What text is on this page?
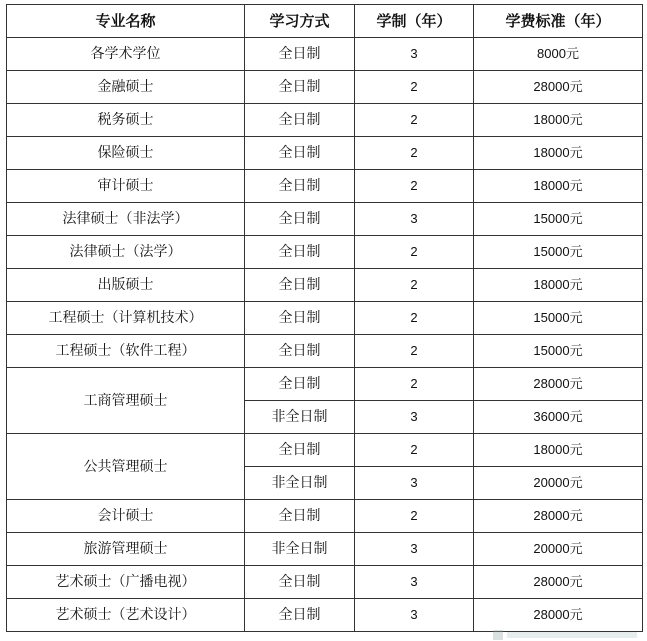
专业名称	学习方式	学制（年）	学费标准（年）
各学术学位	全日制	3	8000元
金融硕士	全日制	2	28000元
税务硕士	全日制	2	18000元
保险硕士	全日制	2	18000元
审计硕士	全日制	2	18000元
法律硕士（非法学）	全日制	3	15000元
法律硕士（法学）	全日制	2	15000元
出版硕士	全日制	2	18000元
工程硕士（计算机技术）	全日制	2	15000元
工程硕士（软件工程）	全日制	2	15000元
工商管理硕士	全日制	2	28000元
	非全日制	3	36000元
公共管理硕士	全日制	2	18000元
	非全日制	3	20000元
会计硕士	全日制	2	28000元
旅游管理硕士	非全日制	3	20000元
艺术硕士（广播电视）	全日制	3	28000元
艺术硕士（艺术设计）	全日制	3	28000元
